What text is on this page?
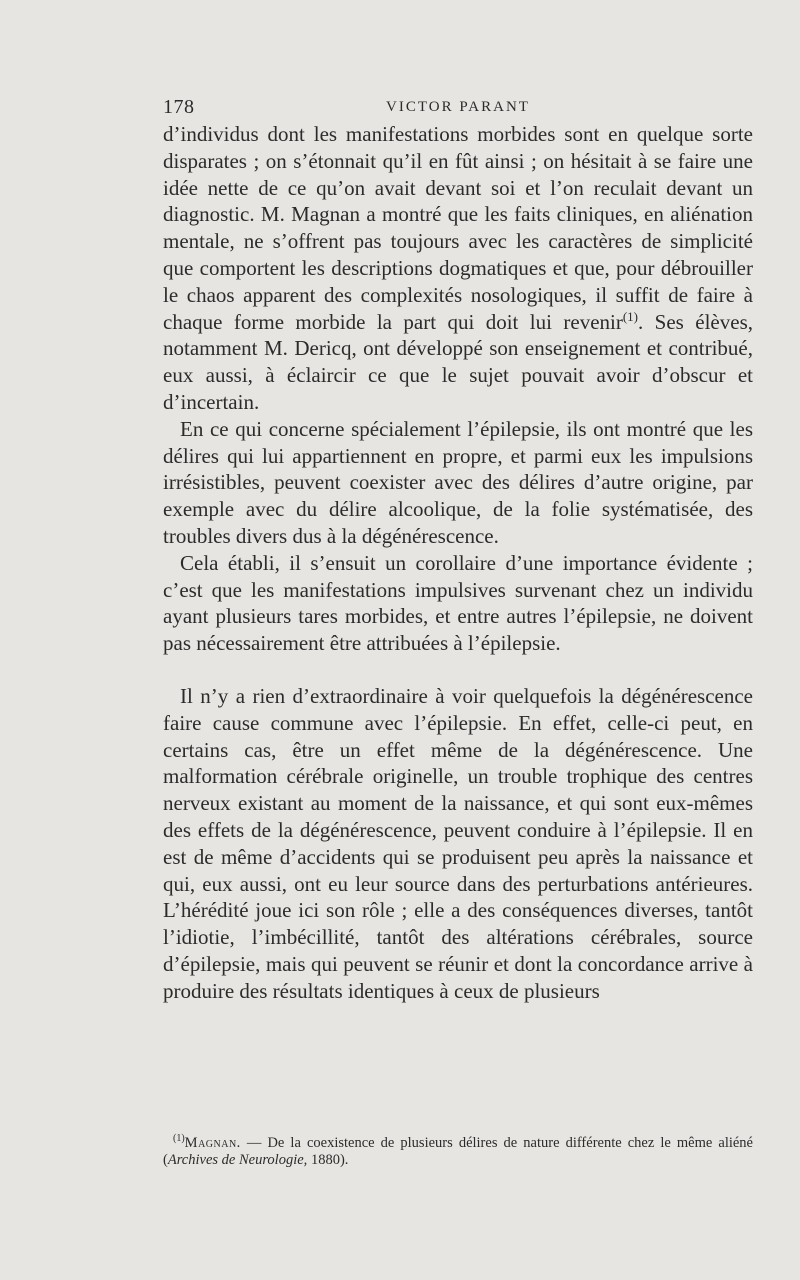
178	VICTOR PARANT

d’individus dont les manifestations morbides sont en quelque sorte disparates ; on s’étonnait qu’il en fût ainsi ; on hésitait à se faire une idée nette de ce qu’on avait devant soi et l’on reculait devant un diagnostic. M. Magnan a montré que les faits cliniques, en aliénation mentale, ne s’offrent pas toujours avec les caractères de simplicité que comportent les descriptions dogmatiques et que, pour débrouiller le chaos apparent des complexités nosologiques, il suffit de faire à chaque forme morbide la part qui doit lui revenir$^{(1)}$. Ses élèves, notamment M. Dericq, ont développé son enseignement et contribué, eux aussi, à éclaircir ce que le sujet pouvait avoir d’obscur et d’incertain.

En ce qui concerne spécialement l’épilepsie, ils ont montré que les délires qui lui appartiennent en propre, et parmi eux les impulsions irrésistibles, peuvent coexister avec des délires d’autre origine, par exemple avec du délire alcoolique, de la folie systématisée, des troubles divers dus à la dégénérescence.

Cela établi, il s’ensuit un corollaire d’une importance évidente ; c’est que les manifestations impulsives survenant chez un individu ayant plusieurs tares morbides, et entre autres l’épilepsie, ne doivent pas nécessairement être attribuées à l’épilepsie.

Il n’y a rien d’extraordinaire à voir quelquefois la dégénérescence faire cause commune avec l’épilepsie. En effet, celle-ci peut, en certains cas, être un effet même de la dégénérescence. Une malformation cérébrale originelle, un trouble trophique des centres nerveux existant au moment de la naissance, et qui sont eux-mêmes des effets de la dégénérescence, peuvent conduire à l’épilepsie. Il en est de même d’accidents qui se produisent peu après la naissance et qui, eux aussi, ont eu leur source dans des perturbations antérieures. L’hérédité joue ici son rôle ; elle a des conséquences diverses, tantôt l’idiotie, l’imbécillité, tantôt des altérations cérébrales, source d’épilepsie, mais qui peuvent se réunir et dont la concordance arrive à produire des résultats identiques à ceux de plusieurs

$^{(1)}$Magnan. — De la coexistence de plusieurs délires de nature différente chez le même aliéné (Archives de Neurologie, 1880).
